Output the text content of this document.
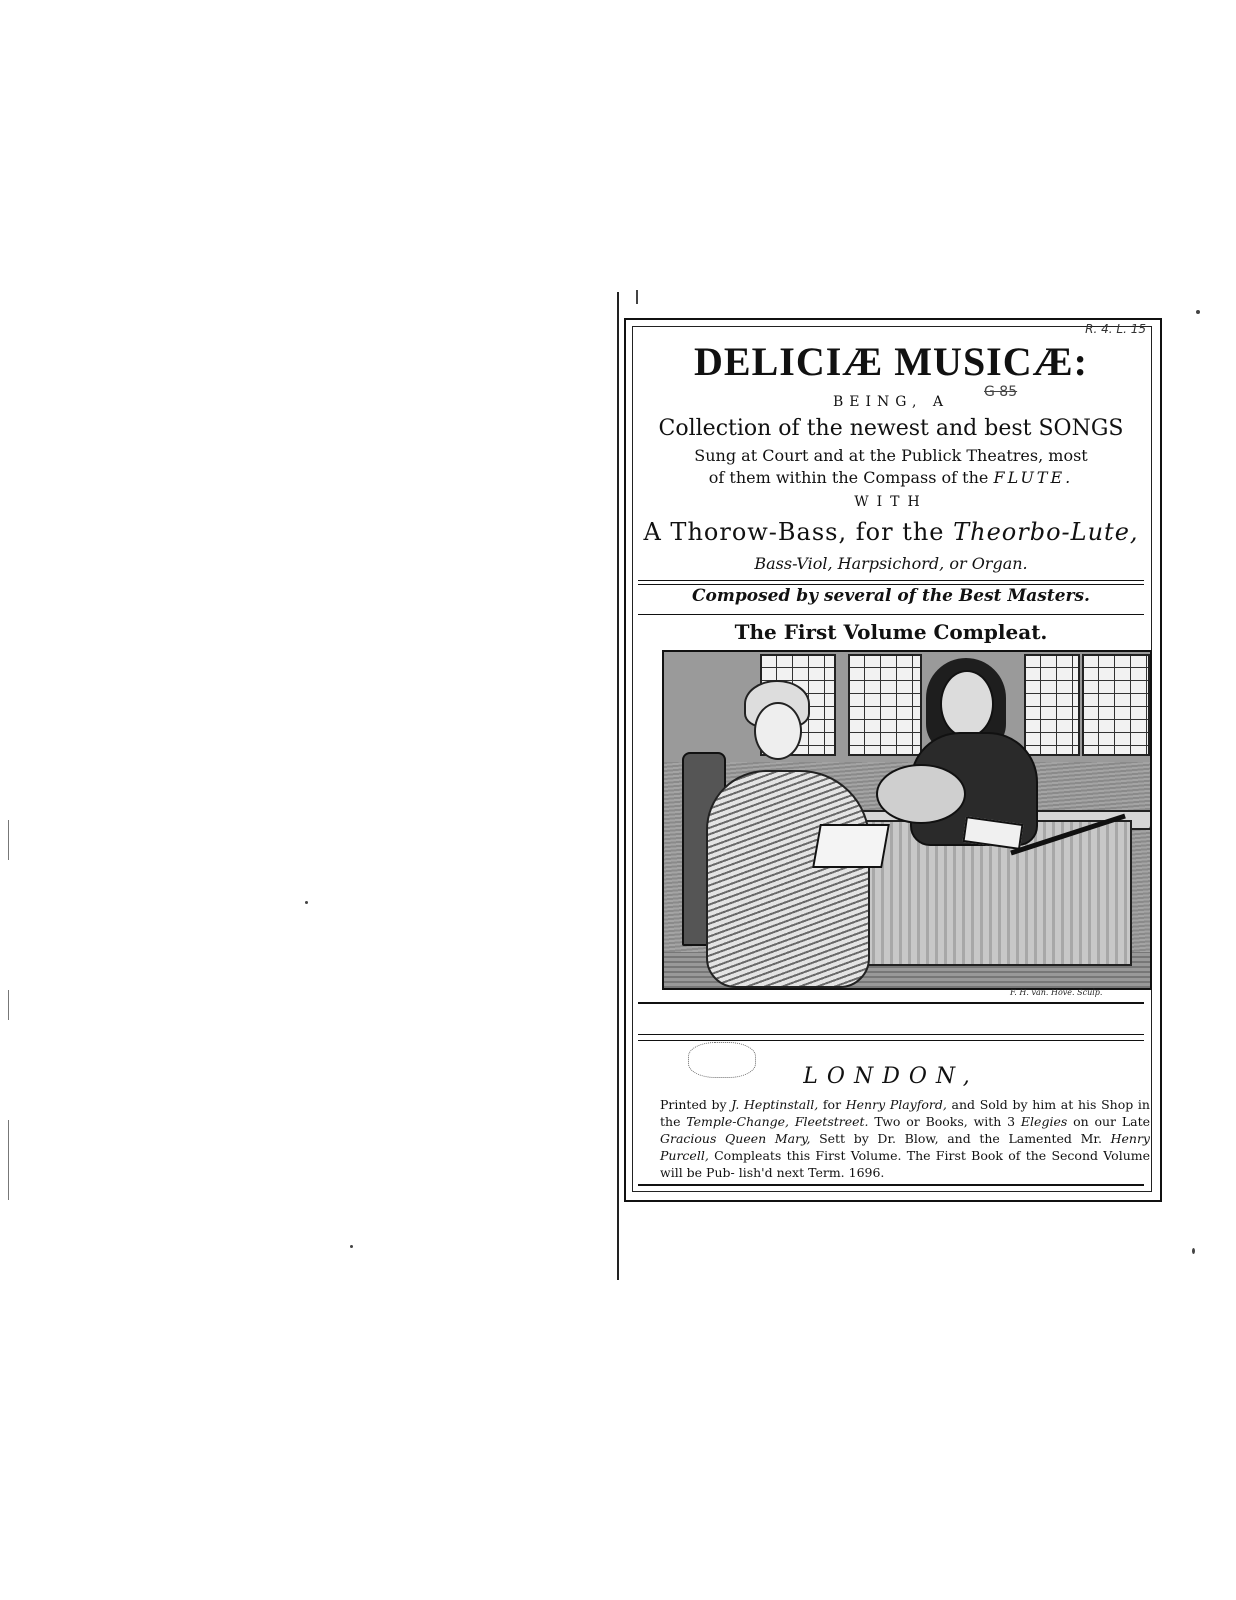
R. 4. L. 15
G 85
DELICIÆ MUSICÆ:
BEING, A
Collection of the newest and best SONGS
Sung at Court and at the Publick Theatres, most
of them within the Compass of the FLUTE.
WITH
A Thorow-Bass, for the Theorbo-Lute,
Bass-Viol, Harpsichord, or Organ.
Composed by several of the Best Masters.
The First Volume Compleat.
F. H. van. Hove. Sculp.
LONDON,
Printed by J. Heptinstall, for Henry Playford, and Sold by him at his Shop in the Temple-Change, Fleetstreet. Two or Books, with 3 Elegies on our Late Gracious Queen Mary, Sett by Dr. Blow, and the Lamented Mr. Henry Purcell, Compleats this First Volume. The First Book of the Second Volume will be Pub- lish'd next Term. 1696.
